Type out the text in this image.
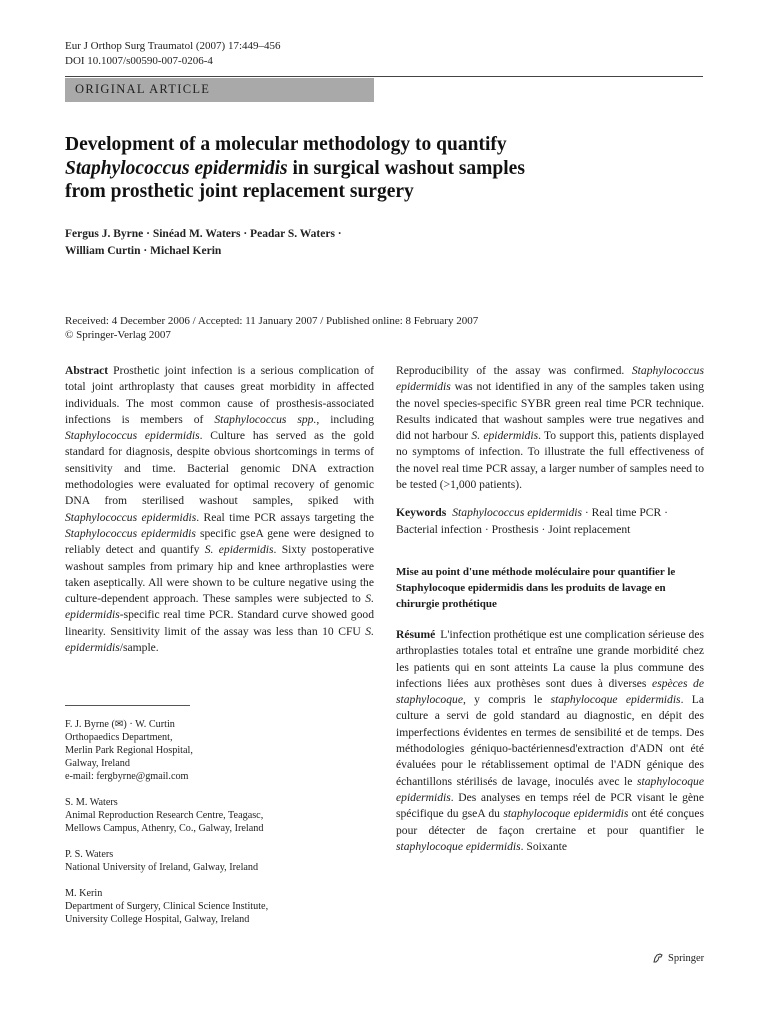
Eur J Orthop Surg Traumatol (2007) 17:449–456
DOI 10.1007/s00590-007-0206-4
ORIGINAL ARTICLE
Development of a molecular methodology to quantify
Staphylococcus epidermidis in surgical washout samples
from prosthetic joint replacement surgery
Fergus J. Byrne · Sinéad M. Waters · Peadar S. Waters ·
William Curtin · Michael Kerin
Received: 4 December 2006 / Accepted: 11 January 2007 / Published online: 8 February 2007
© Springer-Verlag 2007

Abstract Prosthetic joint infection is a serious complication of total joint arthroplasty that causes great morbidity in affected individuals. The most common cause of prosthesis-associated infections is members of Staphylococcus spp., including Staphylococcus epidermidis. Culture has served as the gold standard for diagnosis, despite obvious shortcomings in terms of sensitivity and time. Bacterial genomic DNA extraction methodologies were evaluated for optimal recovery of genomic DNA from sterilised washout samples, spiked with Staphylococcus epidermidis. Real time PCR assays targeting the Staphylococcus epidermidis specific gseA gene were designed to reliably detect and quantify S. epidermidis. Sixty postoperative washout samples from primary hip and knee arthroplasties were taken aseptically. All were shown to be culture negative using the culture-dependent approach. These samples were subjected to S. epidermidis-specific real time PCR. Standard curve showed good linearity. Sensitivity limit of the assay was less than 10 CFU S. epidermidis/sample.

F. J. Byrne (✉) · W. Curtin
Orthopaedics Department,
Merlin Park Regional Hospital,
Galway, Ireland
e-mail: fergbyrne@gmail.com
S. M. Waters
Animal Reproduction Research Centre, Teagasc,
Mellows Campus, Athenry, Co., Galway, Ireland
P. S. Waters
National University of Ireland, Galway, Ireland
M. Kerin
Department of Surgery, Clinical Science Institute,
University College Hospital, Galway, Ireland

Reproducibility of the assay was confirmed. Staphylococcus epidermidis was not identified in any of the samples taken using the novel species-specific SYBR green real time PCR technique. Results indicated that washout samples were true negatives and did not harbour S. epidermidis. To support this, patients displayed no symptoms of infection. To illustrate the full effectiveness of the novel real time PCR assay, a larger number of samples need to be tested (>1,000 patients).

Keywords Staphylococcus epidermidis · Real time PCR · Bacterial infection · Prosthesis · Joint replacement

Mise au point d'une méthode moléculaire pour quantifier le Staphylocoque epidermidis dans les produits de lavage en chirurgie prothétique

Résumé L'infection prothétique est une complication sérieuse des arthroplasties totales total et entraîne une grande morbidité chez les patients qui en sont atteints La cause la plus commune des infections liées aux prothèses sont dues à diverses espèces de staphylocoque, y compris le staphylocoque epidermidis. La culture a servi de gold standard au diagnostic, en dépit des imperfections évidentes en termes de sensibilité et de temps. Des méthodologies géniquo-bactériennesd'extraction d'ADN ont été évaluées pour le rétablissement optimal de l'ADN génique des échantillons stérilisés de lavage, inoculés avec le staphylocoque epidermidis. Des analyses en temps réel de PCR visant le gène spécifique du gseA du staphylocoque epidermidis ont été conçues pour détecter de façon crertaine et pour quantifier le staphylocoque epidermidis. Soixante

Springer
